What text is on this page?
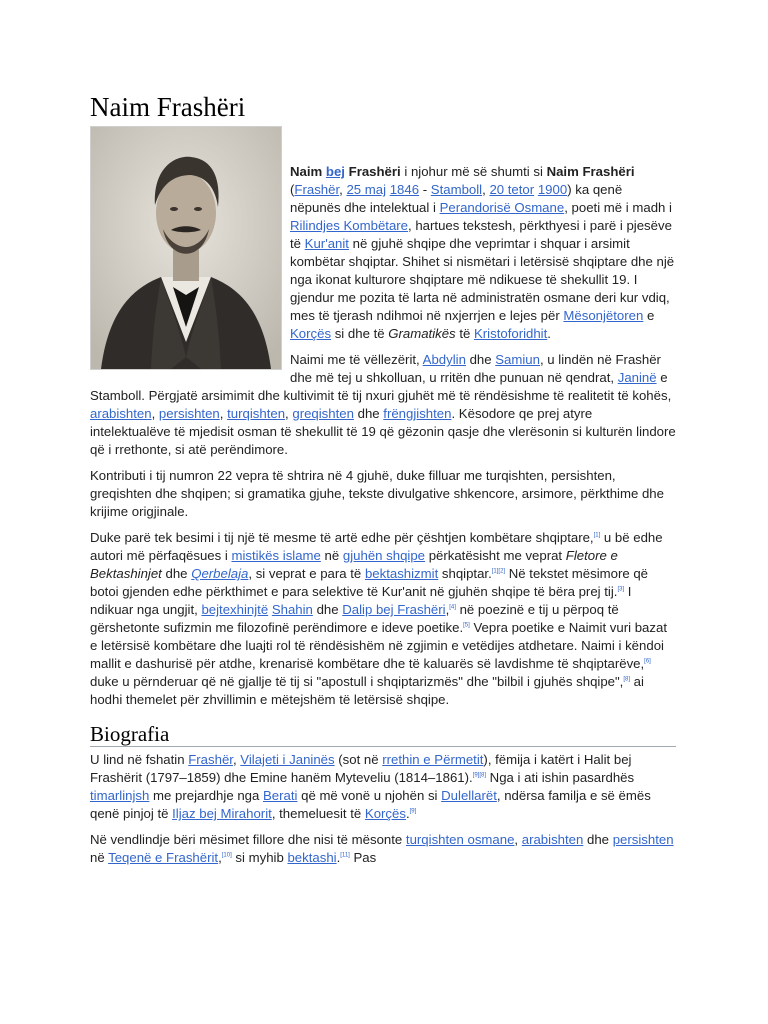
Naim Frashëri

Naim bej Frashëri i njohur më së shumti si Naim Frashëri (Frashër, 25 maj 1846 - Stamboll, 20 tetor 1900) ka qenë nëpunës dhe intelektual i Perandorisë Osmane, poeti më i madh i Rilindjes Kombëtare, hartues tekstesh, përkthyesi i parë i pjesëve të Kur'anit në gjuhë shqipe dhe veprimtar i shquar i arsimit kombëtar shqiptar. Shihet si nismëtari i letërsisë shqiptare dhe një nga ikonat kulturore shqiptare më ndikuese të shekullit 19. I gjendur me pozita të larta në administratën osmane deri kur vdiq, mes të tjerash ndihmoi në nxjerrjen e lejes për Mësonjëtoren e Korçës si dhe të Gramatikës të Kristoforidhit.

Naimi me të vëllezërit, Abdylin dhe Samiun, u lindën në Frashër dhe më tej u shkolluan, u rritën dhe punuan në qendrat, Janinë e Stamboll. Përgjatë arsimimit dhe kultivimit të tij nxuri gjuhët më të rëndësishme të realitetit të kohës, arabishten, persishten, turqishten, greqishten dhe frëngjishten. Kësodore qe prej atyre intelektualëve të mjedisit osman të shekullit të 19 që gëzonin qasje dhe vlerësonin si kulturën lindore që i rrethonte, si atë perëndimore.

Kontributi i tij numron 22 vepra të shtrira në 4 gjuhë, duke filluar me turqishten, persishten, greqishten dhe shqipen; si gramatika gjuhe, tekste divulgative shkencore, arsimore, përkthime dhe krijime origjinale.

Duke parë tek besimi i tij një të mesme të artë edhe për çështjen kombëtare shqiptare,[1] u bë edhe autori më përfaqësues i mistikës islame në gjuhën shqipe përkatësisht me veprat Fletore e Bektashinjet dhe Qerbelaja, si veprat e para të bektashizmit shqiptar.[1][2] Në tekstet mësimore që botoi gjenden edhe përkthimet e para selektive të Kur'anit në gjuhën shqipe të bëra prej tij.[3] I ndikuar nga ungjit, bejtexhinjtë Shahin dhe Dalip bej Frashëri,[4] në poezinë e tij u përpoq të gërshetonte sufizmin me filozofinë perëndimore e ideve poetike.[5] Vepra poetike e Naimit vuri bazat e letërsisë kombëtare dhe luajti rol të rëndësishëm në zgjimin e vetëdijes atdhetare. Naimi i këndoi mallit e dashurisë për atdhe, krenarisë kombëtare dhe të kaluarës së lavdishme të shqiptarëve,[6] duke u përnderuar që në gjallje të tij si "apostull i shqiptarizmës" dhe "bilbil i gjuhës shqipe",[8] ai hodhi themelet për zhvillimin e mëtejshëm të letërsisë shqipe.

Biografia

U lind në fshatin Frashër, Vilajeti i Janinës (sot në rrethin e Përmetit), fëmija i katërt i Halit bej Frashërit (1797–1859) dhe Emine hanëm Myteveliu (1814–1861).[9][8] Nga i ati ishin pasardhës timarlinjsh me prejardhje nga Berati që më vonë u njohën si Dulellarët, ndërsa familja e së ëmës qenë pinjoj të Iljaz bej Mirahorit, themeluesit të Korçës.[9]

Në vendlindje bëri mësimet fillore dhe nisi të mësonte turqishten osmane, arabishten dhe persishten në Teqenë e Frashërit,[10] si myhib bektashi.[11] Pas
